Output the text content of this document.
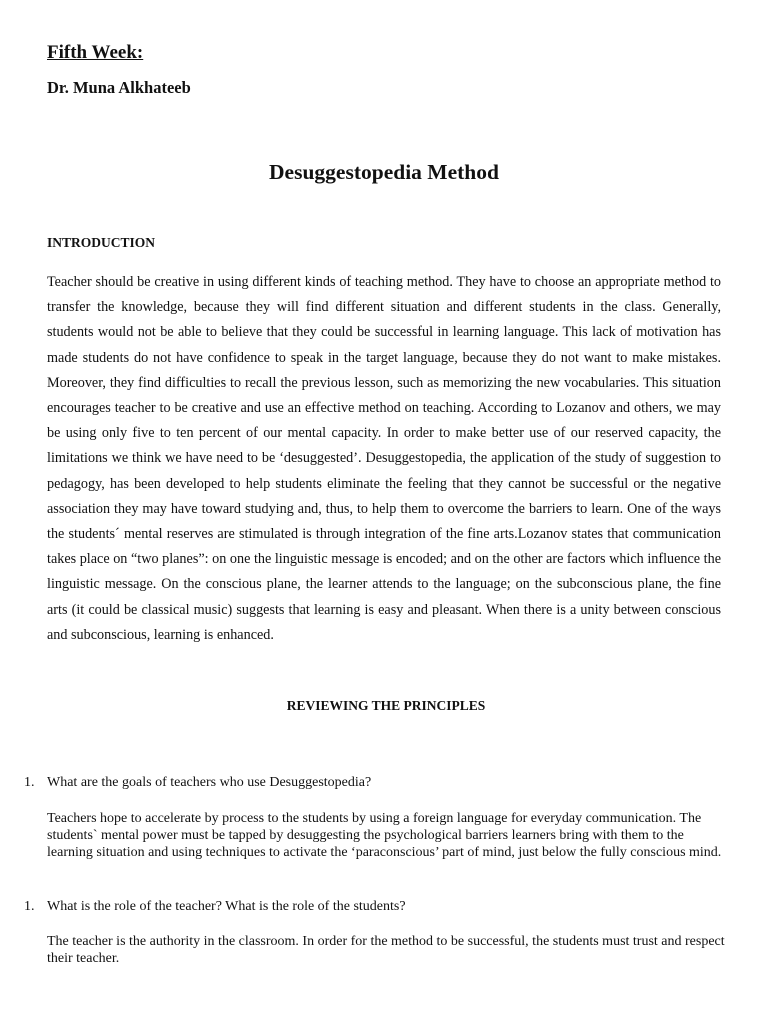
Fifth Week:
Dr. Muna Alkhateeb
Desuggestopedia Method
INTRODUCTION

Teacher should be creative in using different kinds of teaching method. They have to choose an appropriate method to transfer the knowledge, because they will find different situation and different students in the class. Generally, students would not be able to believe that they could be successful in learning language. This lack of motivation has made students do not have confidence to speak in the target language, because they do not want to make mistakes. Moreover, they find difficulties to recall the previous lesson, such as memorizing the new vocabularies. This situation encourages teacher to be creative and use an effective method on teaching. According to Lozanov and others, we may be using only five to ten percent of our mental capacity. In order to make better use of our reserved capacity, the limitations we think we have need to be ‘desuggested’. Desuggestopedia, the application of the study of suggestion to pedagogy, has been developed to help students eliminate the feeling that they cannot be successful or the negative association they may have toward studying and, thus, to help them to overcome the barriers to learn. One of the ways the students´ mental reserves are stimulated is through integration of the fine arts.Lozanov states that communication takes place on “two planes”: on one the linguistic message is encoded; and on the other are factors which influence the linguistic message. On the conscious plane, the learner attends to the language; on the subconscious plane, the fine arts (it could be classical music) suggests that learning is easy and pleasant. When there is a unity between conscious and subconscious, learning is enhanced.

REVIEWING THE PRINCIPLES
1. What are the goals of teachers who use Desuggestopedia?

Teachers hope to accelerate by process to the students by using a foreign language for everyday communication. The students` mental power must be tapped by desuggesting the psychological barriers learners bring with them to the learning situation and using techniques to activate the ‘paraconscious’ part of mind, just below the fully conscious mind.

1. What is the role of the teacher? What is the role of the students?

The teacher is the authority in the classroom. In order for the method to be successful, the students must trust and respect their teacher.
